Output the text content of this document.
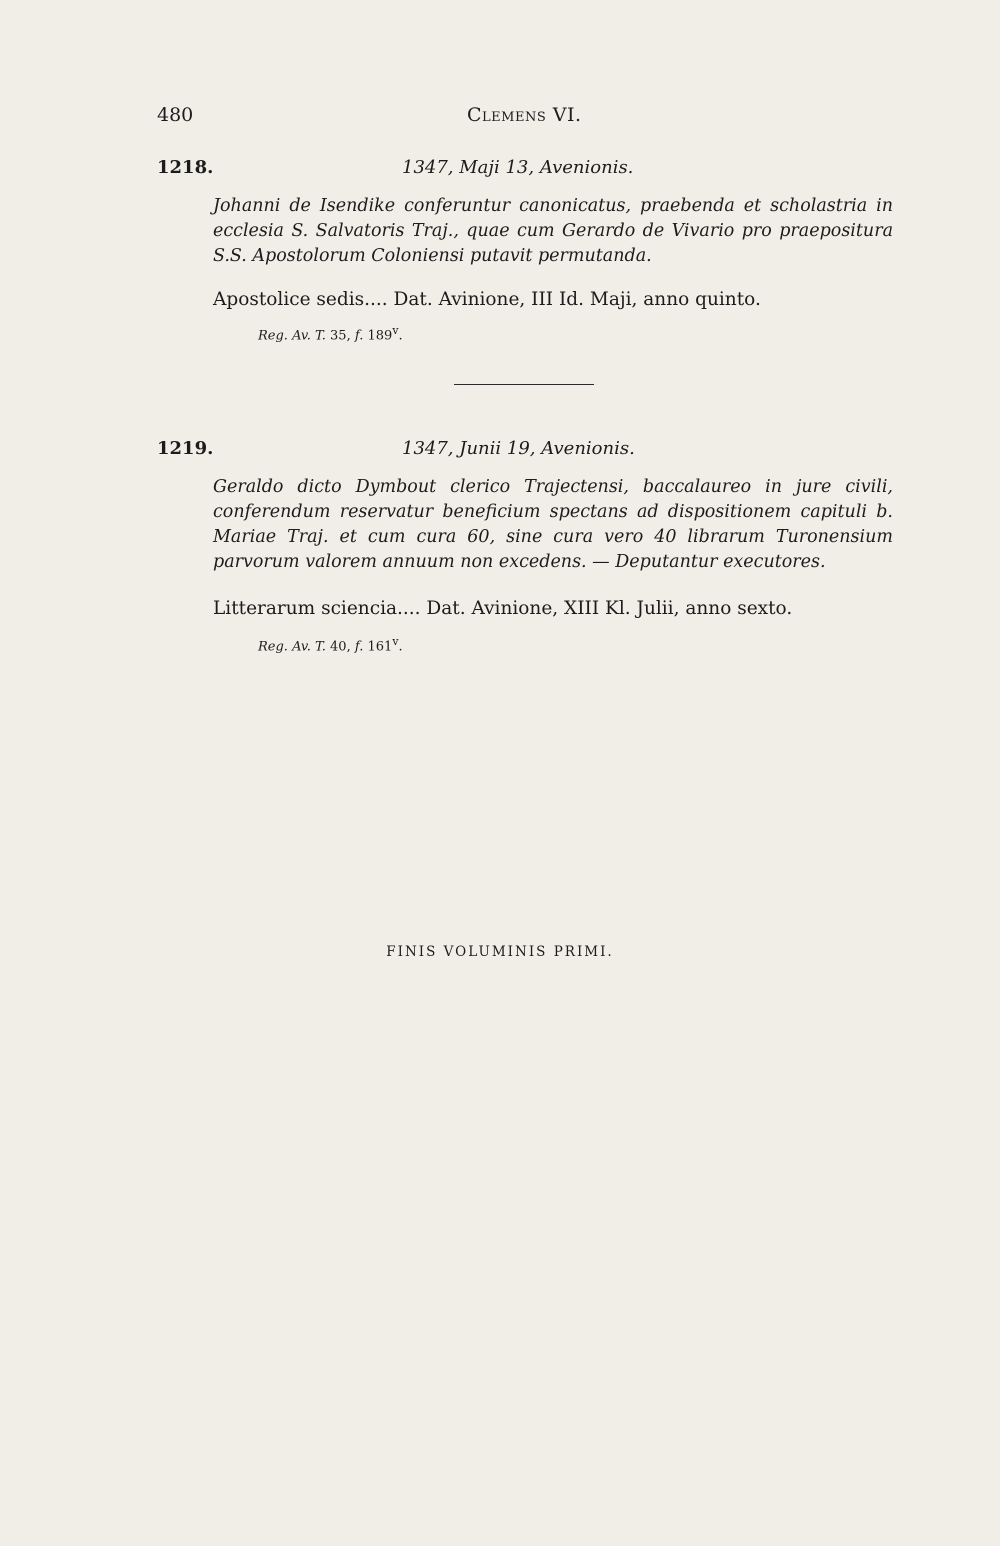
480	Clemens VI.
1218.	1347, Maji 13, Avenionis.

Johanni de Isendike conferuntur canonicatus, praebenda et scholastria in ecclesia S. Salvatoris Traj., quae cum Gerardo de Vivario pro praepositura S.S. Apostolorum Coloniensi putavit permutanda.

Apostolice sedis.... Dat. Avinione, III Id. Maji, anno quinto.

Reg. Av. T. 35, f. 189$^v$.
1219.	1347, Junii 19, Avenionis.

Geraldo dicto Dymbout clerico Trajectensi, baccalaureo in jure civili, conferendum reservatur beneficium spectans ad dispositionem capituli b. Mariae Traj. et cum cura 60, sine cura vero 40 librarum Turonensium parvorum valorem annuum non excedens. — Deputantur executores.

Litterarum sciencia.... Dat. Avinione, XIII Kl. Julii, anno sexto.

Reg. Av. T. 40, f. 161$^v$.
FINIS VOLUMINIS PRIMI.
